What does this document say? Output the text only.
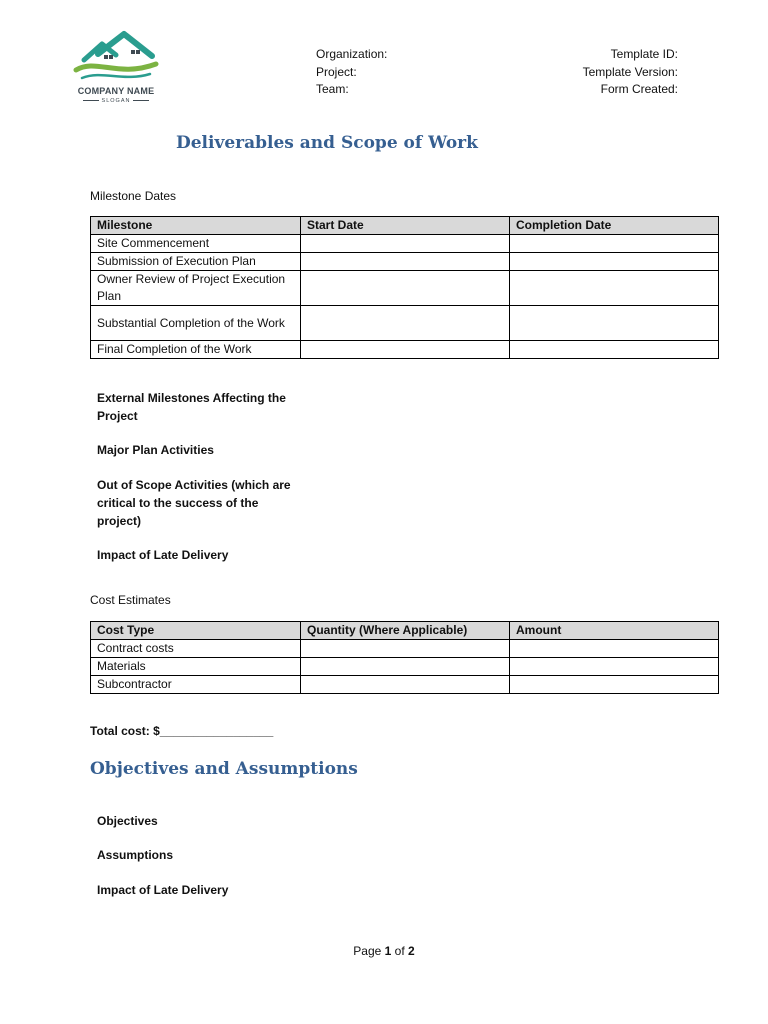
COMPANY NAME
SLOGAN
Organization:
Project:
Team:
Template ID:
Template Version:
Form Created:
Deliverables and Scope of Work
Milestone Dates
Milestone	Start Date	Completion Date
Site Commencement		
Submission of Execution Plan		
Owner Review of Project Execution Plan		
Substantial Completion of the Work		
Final Completion of the Work		
External Milestones Affecting the Project
Major Plan Activities
Out of Scope Activities (which are critical to the success of the project)
Impact of Late Delivery
Cost Estimates
Cost Type	Quantity (Where Applicable)	Amount
Contract costs		
Materials		
Subcontractor		
Total cost: $_________________
Objectives and Assumptions
Objectives
Assumptions
Impact of Late Delivery
Page 1 of 2
